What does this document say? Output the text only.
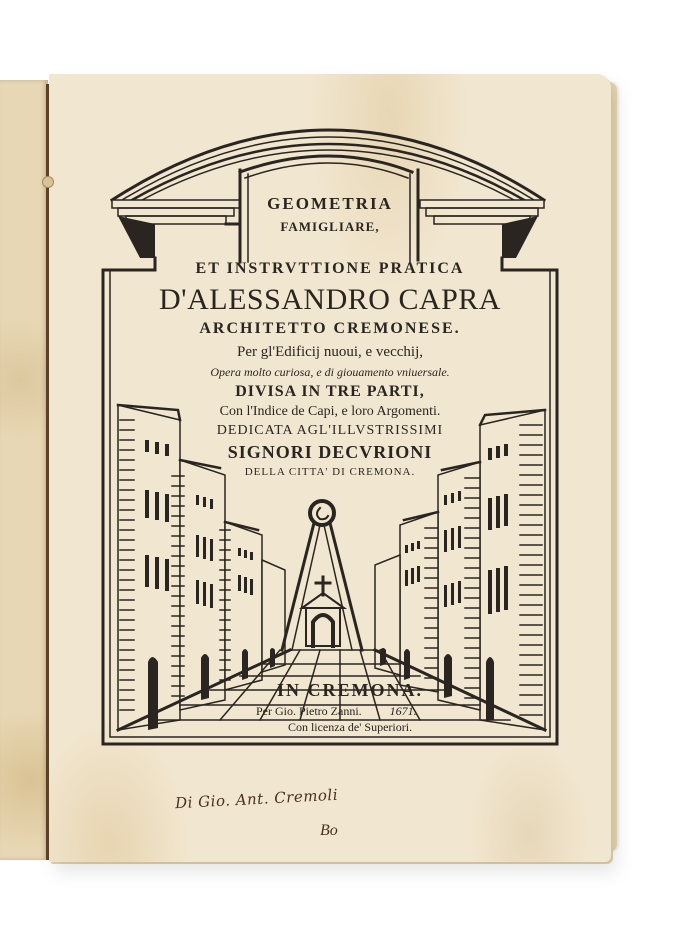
GEOMETRIA
FAMIGLIARE,
ET INSTRVTTIONE PRATICA
D'ALESSANDRO CAPRA
ARCHITETTO CREMONESE.
Per gl'Edificij nuoui, e vecchij,
Opera molto curiosa, e di giouamento vniuersale.
DIVISA IN TRE PARTI,
Con l'Indice de Capi, e loro Argomenti.
DEDICATA AGL'ILLVSTRISSIMI
SIGNORI DECVRIONI
DELLA CITTA' DI CREMONA.
IN CREMONA.
Per Gio. Pietro Zanni. 1671.
Con licenza de' Superiori.
Di Gio. Ant. Cremoli
Bo
